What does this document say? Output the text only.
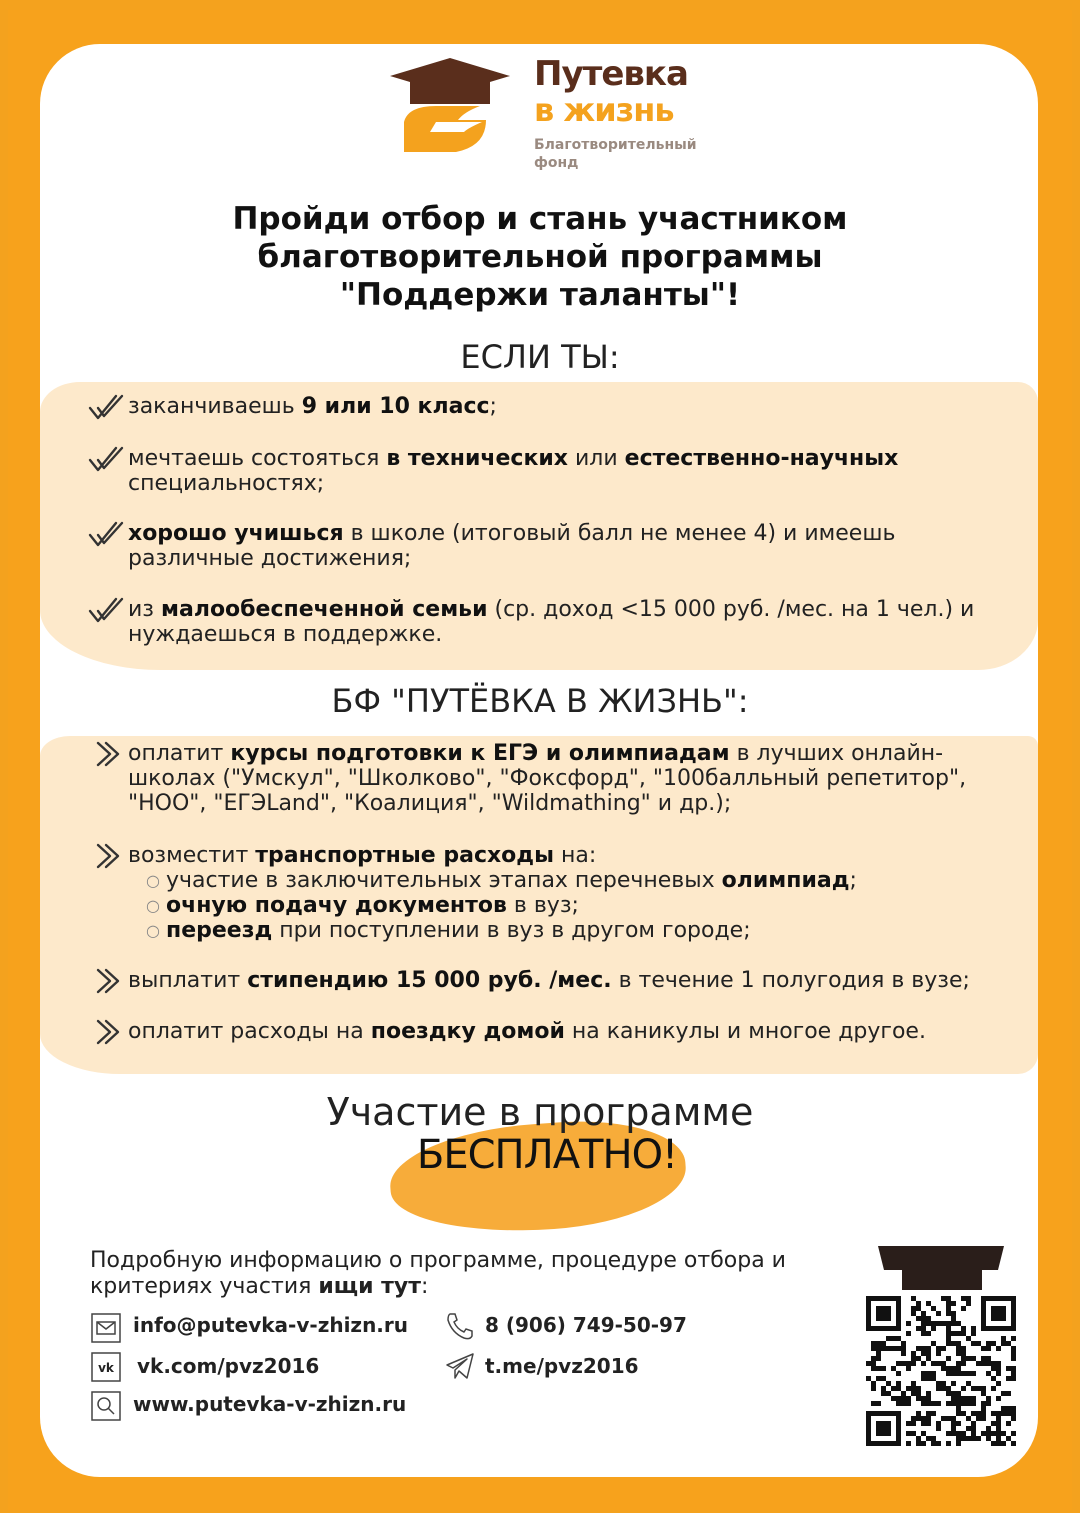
Путевка
в жизнь
Благотворительный фонд
Пройди отбор и стань участником
благотворительной программы
"Поддержи таланты"!
ЕСЛИ ТЫ:
заканчиваешь 9 или 10 класс;
мечтаешь состояться в технических или естественно-научных специальностях;
хорошо учишься в школе (итоговый балл не менее 4) и имеешь различные достижения;
из малообеспеченной семьи (ср. доход <15 000 руб. /мес. на 1 чел.) и нуждаешься в поддержке.
БФ "ПУТЁВКА В ЖИЗНЬ":
оплатит курсы подготовки к ЕГЭ и олимпиадам в лучших онлайн-школах ("Умскул", "Школково", "Фоксфорд", "100балльный репетитор", "НОО", "ЕГЭLand", "Коалиция", "Wildmathing" и др.);
возместит транспортные расходы на:
○ участие в заключительных этапах перечневых олимпиад;
○ очную подачу документов в вуз;
○ переезд при поступлении в вуз в другом городе;
выплатит стипендию 15 000 руб. /мес. в течение 1 полугодия в вузе;
оплатит расходы на поездку домой на каникулы и многое другое.
Участие в программе
БЕСПЛАТНО!
Подробную информацию о программе, процедуре отбора и критериях участия ищи тут:
info@putevka-v-zhizn.ru
vk vk.com/pvz2016
www.putevka-v-zhizn.ru
8 (906) 749-50-97
t.me/pvz2016
